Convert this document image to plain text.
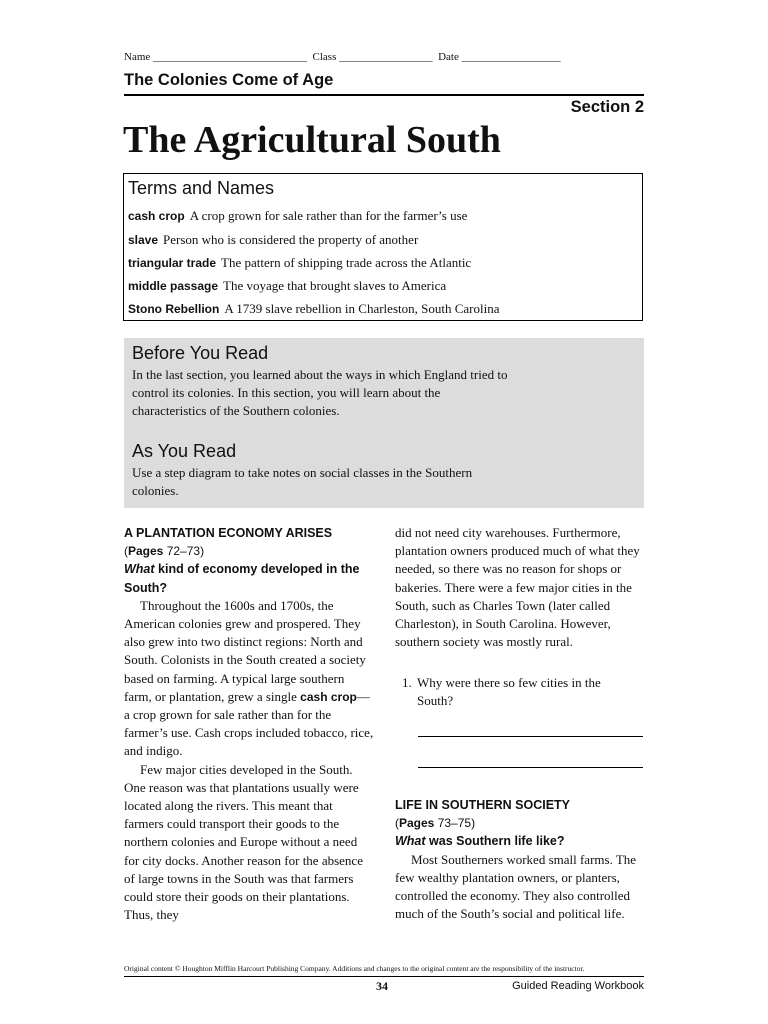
Name ____________________________  Class _________________  Date __________________
The Colonies Come of Age
Section 2
The Agricultural South
Terms and Names
cash crop A crop grown for sale rather than for the farmer’s use
slave Person who is considered the property of another
triangular trade The pattern of shipping trade across the Atlantic
middle passage The voyage that brought slaves to America
Stono Rebellion A 1739 slave rebellion in Charleston, South Carolina
Before You Read
In the last section, you learned about the ways in which England tried to
control its colonies. In this section, you will learn about the
characteristics of the Southern colonies.
As You Read
Use a step diagram to take notes on social classes in the Southern
colonies.

A PLANTATION ECONOMY ARISES

(Pages 72–73)

What kind of economy developed in the South?

Throughout the 1600s and 1700s, the American colonies grew and prospered. They also grew into two distinct regions: North and South. Colonists in the South created a society based on farming. A typical large southern farm, or plantation, grew a single cash crop—a crop grown for sale rather than for the farmer’s use. Cash crops included tobacco, rice, and indigo.

Few major cities developed in the South. One reason was that plantations usually were located along the rivers. This meant that farmers could transport their goods to the northern colonies and Europe without a need for city docks. Another reason for the absence of large towns in the South was that farmers could store their goods on their plantations. Thus, they

did not need city warehouses. Furthermore, plantation owners produced much of what they needed, so there was no reason for shops or bakeries. There were a few major cities in the South, such as Charles Town (later called Charleston), in South Carolina. However, southern society was mostly rural.

1. Why were there so few cities in the
South?

LIFE IN SOUTHERN SOCIETY

(Pages 73–75)

What was Southern life like?

Most Southerners worked small farms. The few wealthy plantation owners, or planters, controlled the economy. They also controlled much of the South’s social and political life.

Original content © Houghton Mifflin Harcourt Publishing Company. Additions and changes to the original content are the responsibility of the instructor.
34	Guided Reading Workbook
